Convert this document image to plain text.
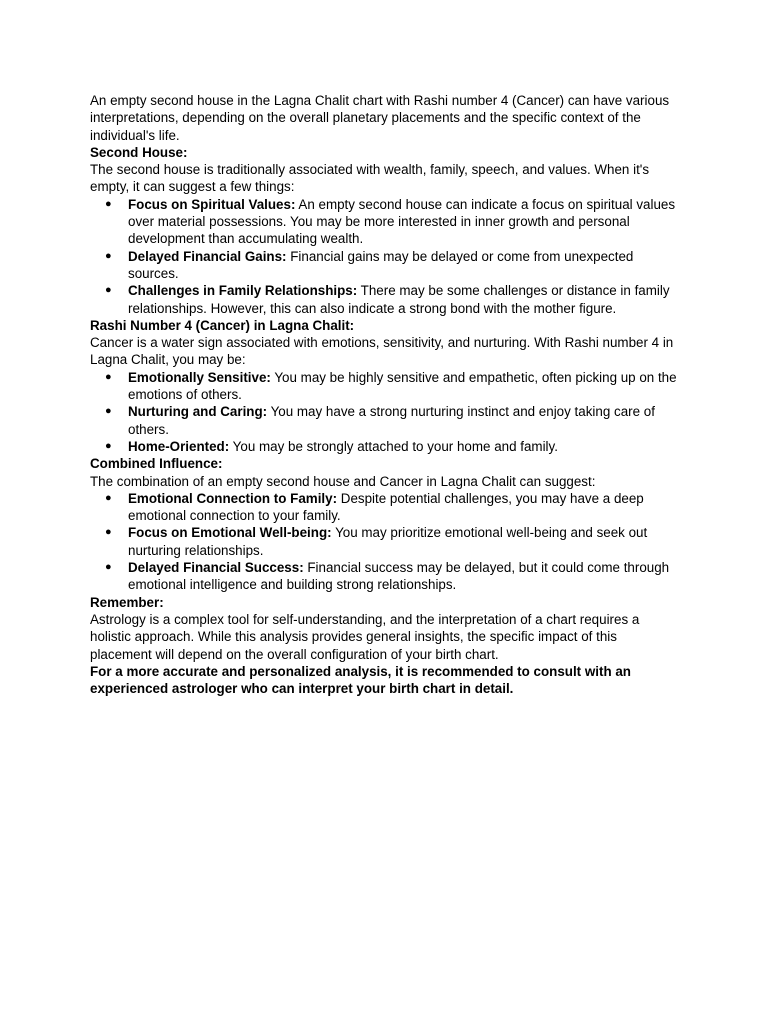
An empty second house in the Lagna Chalit chart with Rashi number 4 (Cancer) can have various interpretations, depending on the overall planetary placements and the specific context of the individual's life.

Second House:

The second house is traditionally associated with wealth, family, speech, and values. When it's empty, it can suggest a few things:

● Focus on Spiritual Values: An empty second house can indicate a focus on spiritual values over material possessions. You may be more interested in inner growth and personal development than accumulating wealth.
● Delayed Financial Gains: Financial gains may be delayed or come from unexpected sources.
● Challenges in Family Relationships: There may be some challenges or distance in family relationships. However, this can also indicate a strong bond with the mother figure.

Rashi Number 4 (Cancer) in Lagna Chalit:

Cancer is a water sign associated with emotions, sensitivity, and nurturing. With Rashi number 4 in Lagna Chalit, you may be:

● Emotionally Sensitive: You may be highly sensitive and empathetic, often picking up on the emotions of others.
● Nurturing and Caring: You may have a strong nurturing instinct and enjoy taking care of others.
● Home-Oriented: You may be strongly attached to your home and family.

Combined Influence:

The combination of an empty second house and Cancer in Lagna Chalit can suggest:

● Emotional Connection to Family: Despite potential challenges, you may have a deep emotional connection to your family.
● Focus on Emotional Well-being: You may prioritize emotional well-being and seek out nurturing relationships.
● Delayed Financial Success: Financial success may be delayed, but it could come through emotional intelligence and building strong relationships.

Remember:

Astrology is a complex tool for self-understanding, and the interpretation of a chart requires a holistic approach. While this analysis provides general insights, the specific impact of this placement will depend on the overall configuration of your birth chart.

For a more accurate and personalized analysis, it is recommended to consult with an experienced astrologer who can interpret your birth chart in detail.
